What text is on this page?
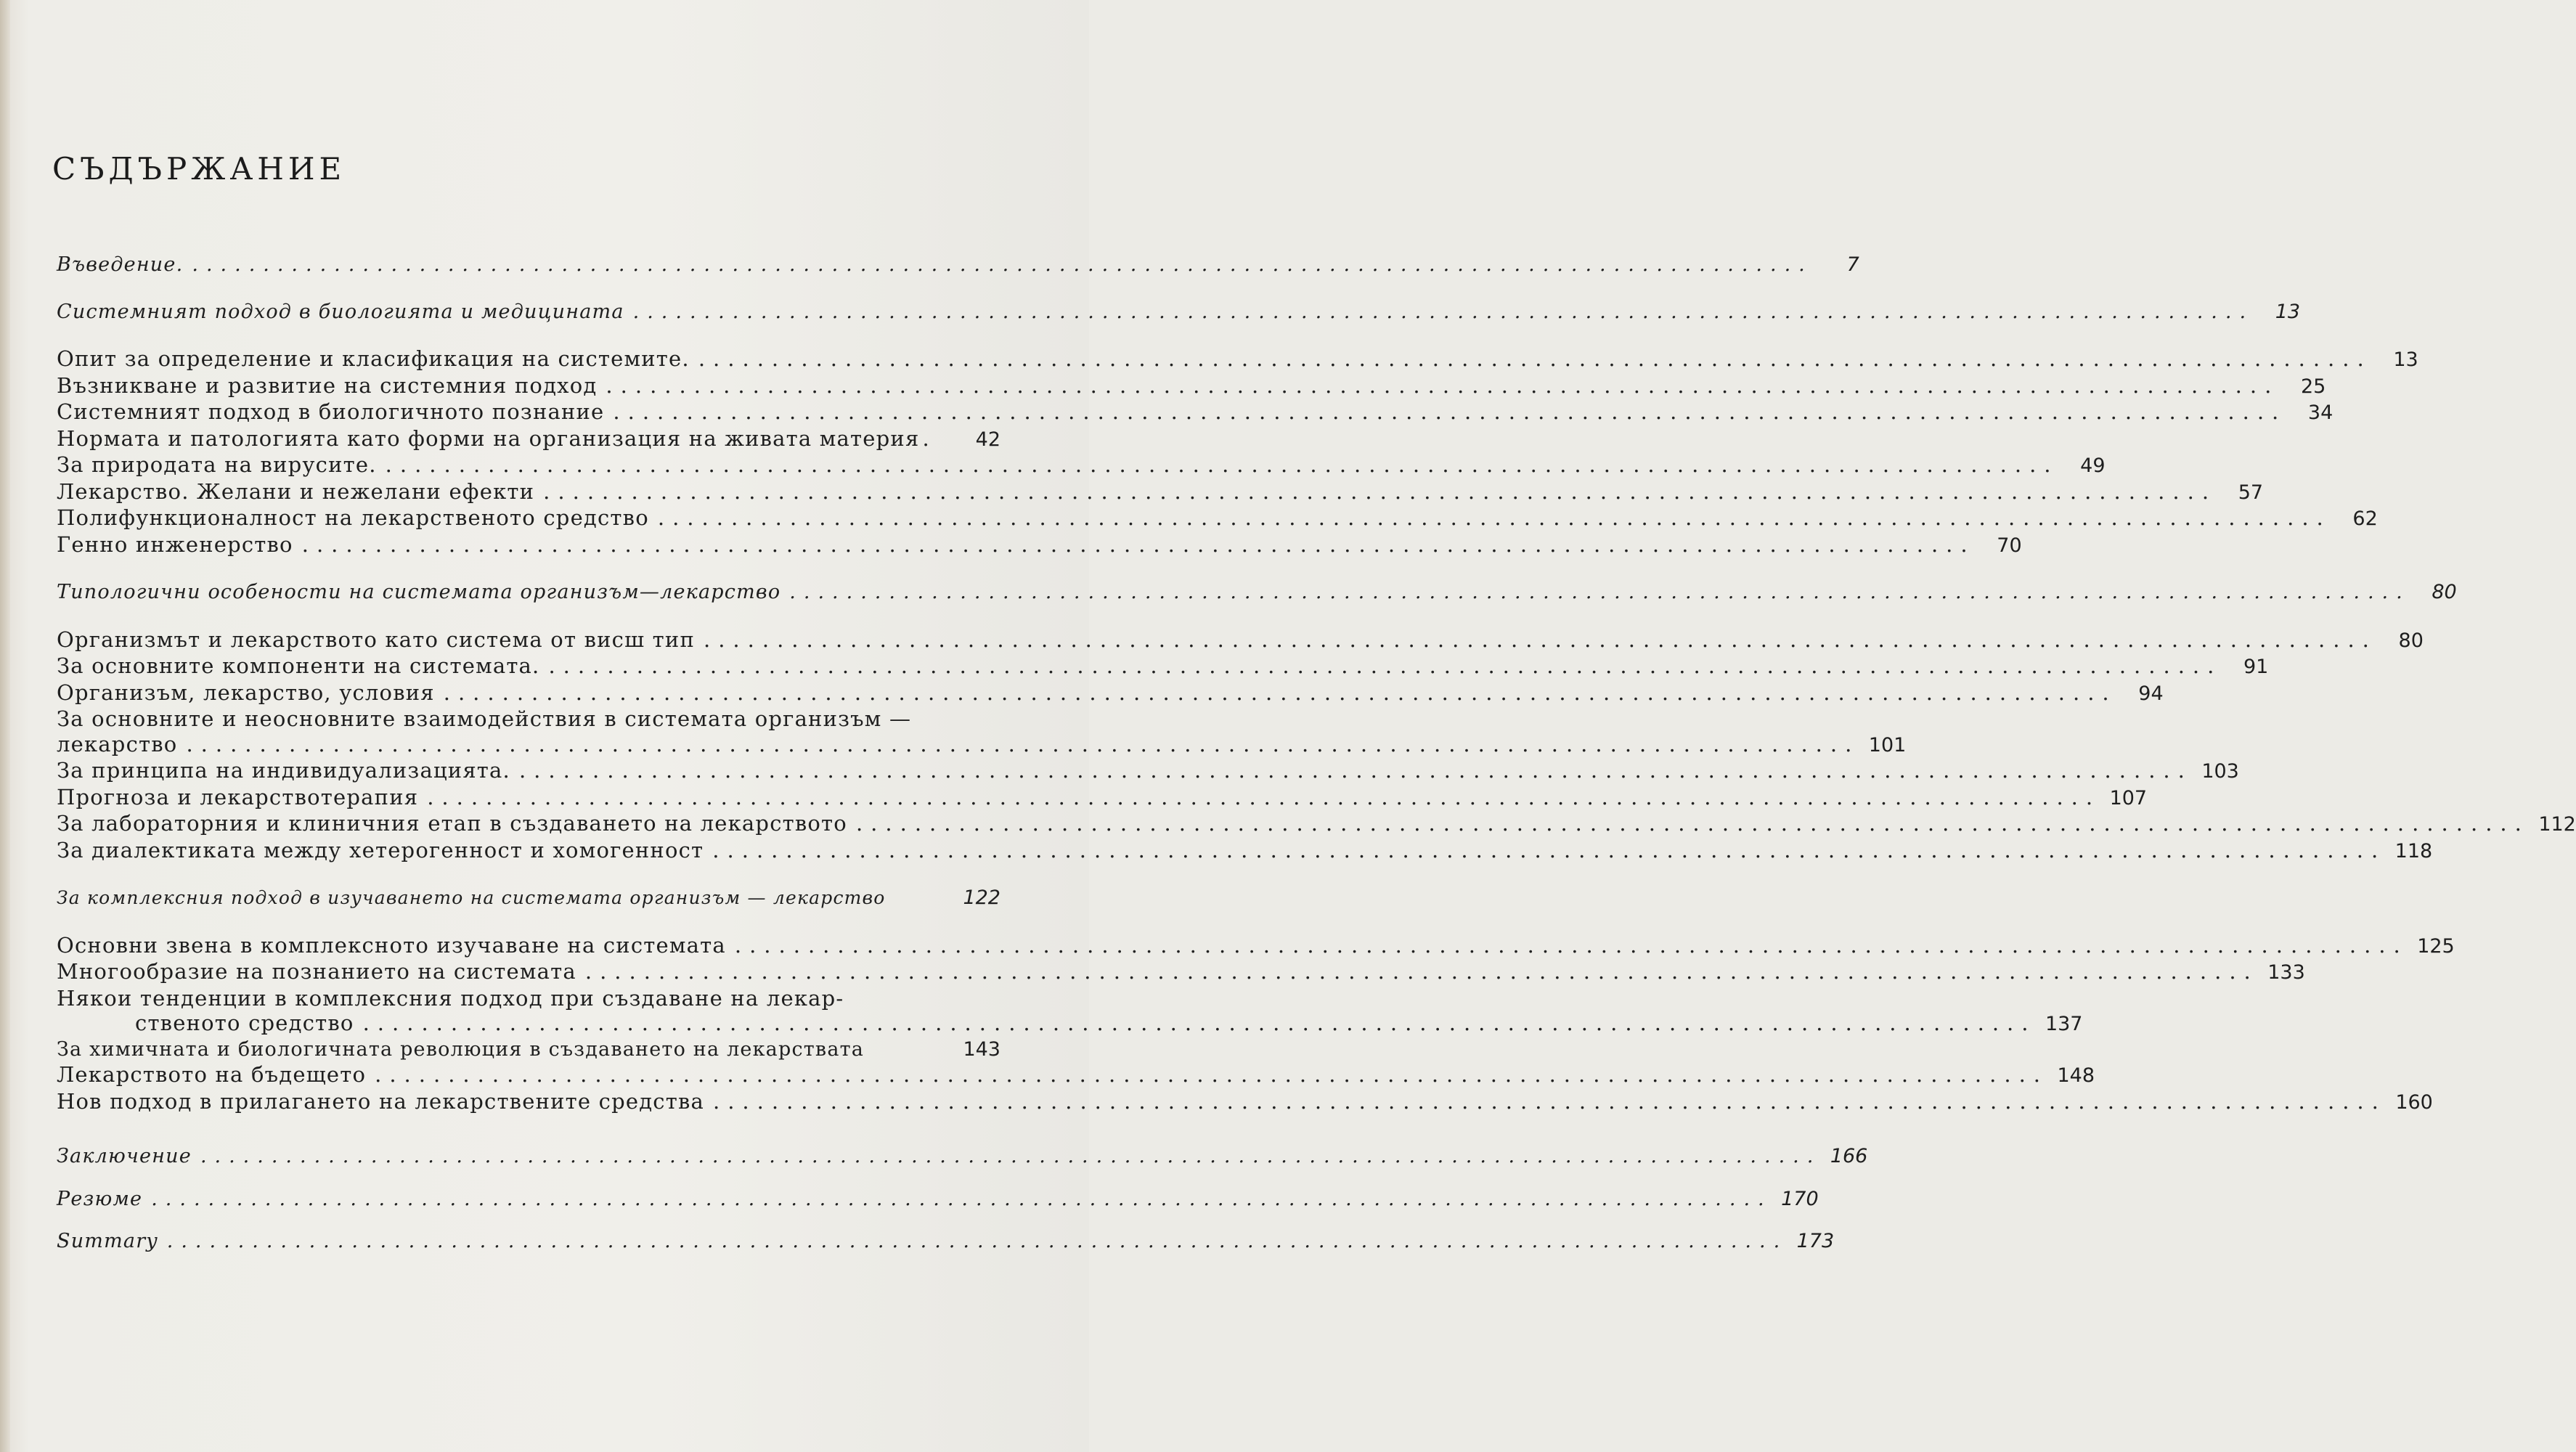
СЪДЪРЖАНИЕ
Въведение. ..................................................................................................................	7
Системният подход в биологията и медицината ..................................................................................................................	13
Опит за определение и класификация на системите. ..................................................................................................................	13
Възникване и развитие на системния подход ..................................................................................................................	25
Системният подход в биологичното познание ..................................................................................................................	34
Нормата и патологията като форми на организация на живата материя .	42
За природата на вирусите. ..................................................................................................................	49
Лекарство. Желани и нежелани ефекти ..................................................................................................................	57
Полифункционалност на лекарственото средство ..................................................................................................................	62
Генно инженерство ..................................................................................................................	70
Типологични особености на системата организъм—лекарство ..................................................................................................................	80
Организмът и лекарството като система от висш тип ..................................................................................................................	80
За основните компоненти на системата. ..................................................................................................................	91
Организъм, лекарство, условия ..................................................................................................................	94
За основните и неосновните взаимодействия в системата организъм —
лекарство .................................................................................................................. 101
За принципа на индивидуализацията. .................................................................................................................. 103
Прогноза и лекарствотерапия .................................................................................................................. 107
За лабораторния и клиничния етап в създаването на лекарството .................................................................................................................. 112
За диалектиката между хетерогенност и хомогенност .................................................................................................................. 118
За комплексния подход в изучаването на системата организъм — лекарство	122
Основни звена в комплексното изучаване на системата .................................................................................................................. 125
Многообразие на познанието на системата .................................................................................................................. 133
Някои тенденции в комплексния подход при създаване на лекар-
ственото средство .................................................................................................................. 137
За химичната и биологичната революция в създаването на лекарствата	143
Лекарството на бъдещето .................................................................................................................. 148
Нов подход в прилагането на лекарствените средства .................................................................................................................. 160
Заключение .................................................................................................................. 166
Резюме .................................................................................................................. 170
Summary .................................................................................................................. 173
